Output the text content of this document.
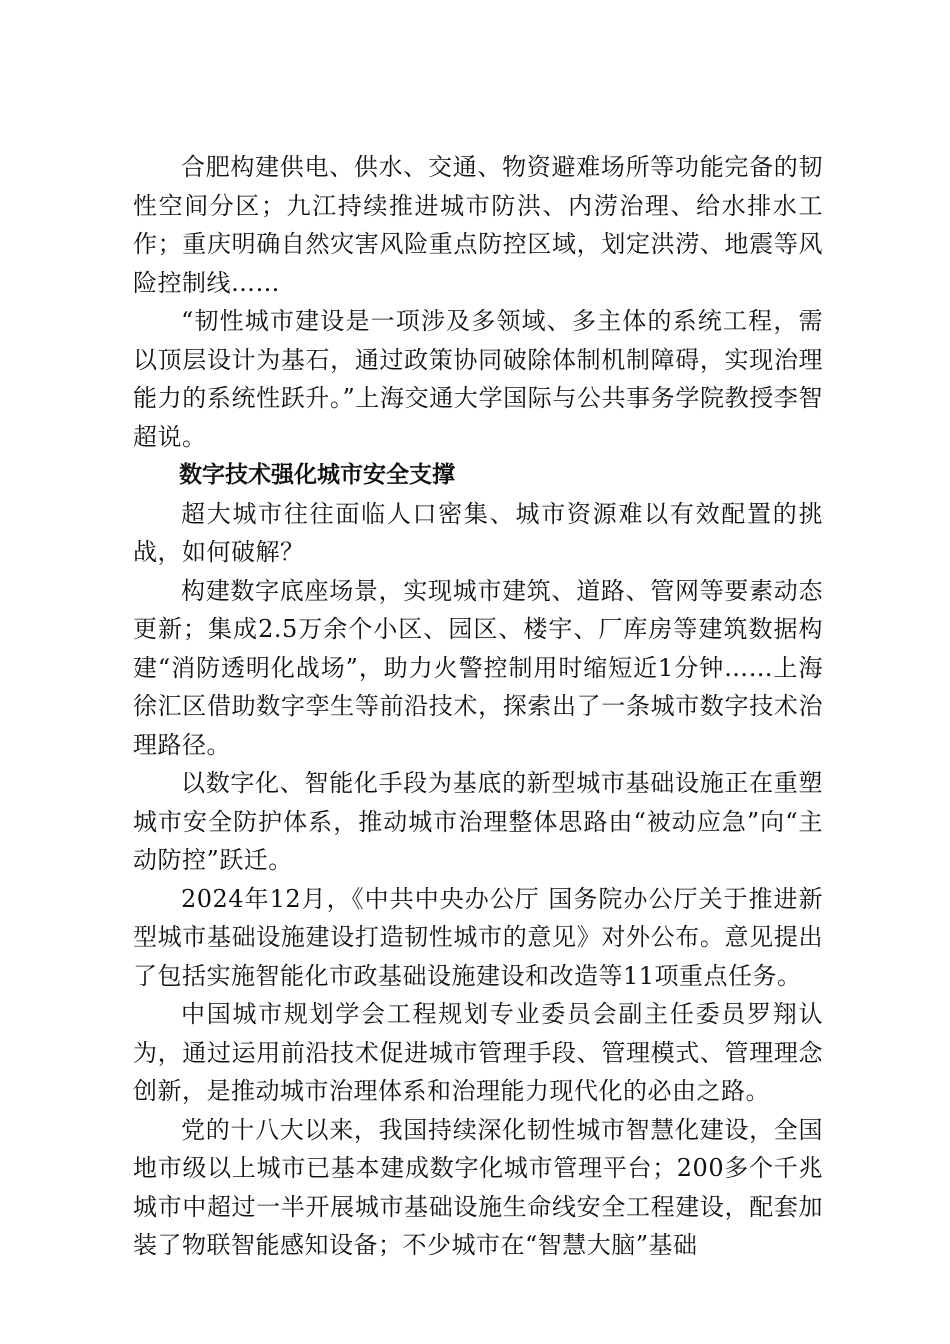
合肥构建供电、供水、交通、物资避难场所等功能完备的韧性空间分区；九江持续推进城市防洪、内涝治理、给水排水工作；重庆明确自然灾害风险重点防控区域，划定洪涝、地震等风险控制线……

“韧性城市建设是一项涉及多领域、多主体的系统工程，需以顶层设计为基石，通过政策协同破除体制机制障碍，实现治理能力的系统性跃升。”上海交通大学国际与公共事务学院教授李智超说。

数字技术强化城市安全支撑

超大城市往往面临人口密集、城市资源难以有效配置的挑战，如何破解？

构建数字底座场景，实现城市建筑、道路、管网等要素动态更新；集成2.5万余个小区、园区、楼宇、厂库房等建筑数据构建“消防透明化战场”，助力火警控制用时缩短近1分钟……上海徐汇区借助数字孪生等前沿技术，探索出了一条城市数字技术治理路径。

以数字化、智能化手段为基底的新型城市基础设施正在重塑城市安全防护体系，推动城市治理整体思路由“被动应急”向“主动防控”跃迁。

2024年12月，《中共中央办公厅 国务院办公厅关于推进新型城市基础设施建设打造韧性城市的意见》对外公布。意见提出了包括实施智能化市政基础设施建设和改造等11项重点任务。

中国城市规划学会工程规划专业委员会副主任委员罗翔认为，通过运用前沿技术促进城市管理手段、管理模式、管理理念创新，是推动城市治理体系和治理能力现代化的必由之路。

党的十八大以来，我国持续深化韧性城市智慧化建设，全国地市级以上城市已基本建成数字化城市管理平台；200多个千兆城市中超过一半开展城市基础设施生命线安全工程建设，配套加装了物联智能感知设备；不少城市在“智慧大脑”基础
